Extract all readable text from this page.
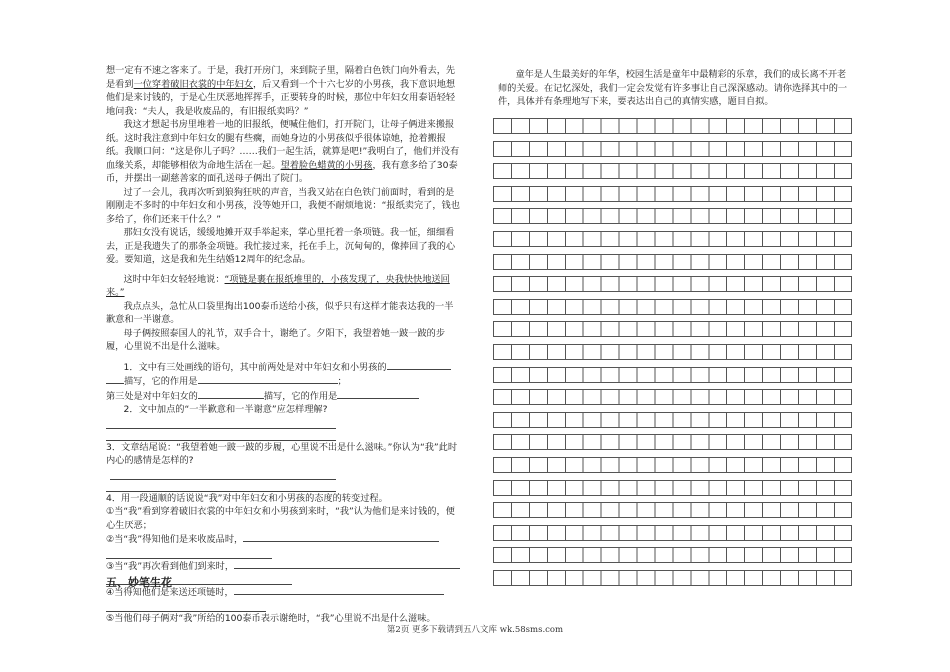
想一定有不速之客来了。于是，我打开房门，来到院子里，隔着白色铁门向外看去，先是看到一位穿着破旧衣裳的中年妇女，后又看到一个十六七岁的小男孩，我下意识地想他们是来讨钱的，于是心生厌恶地挥挥手，正要转身的时候，那位中年妇女用泰语轻轻地问我：“夫人，我是收废品的，有旧报纸卖吗？”

我这才想起书房里堆着一地的旧报纸，便喊住他们，打开院门，让母子俩进来搬报纸。这时我注意到中年妇女的腿有些瘸，而她身边的小男孩似乎很体谅她，抢着搬报纸。我顺口问：“这是你儿子吗？……我们一起生活，就算是吧!”我明白了，他们并没有血缘关系，却能够相依为命地生活在一起。望着脸色蜡黄的小男孩，我有意多给了30泰币，并摆出一副慈善家的面孔送母子俩出了院门。

过了一会儿，我再次听到狼狗狂吠的声音，当我又站在白色铁门前面时，看到的是刚刚走不多时的中年妇女和小男孩，没等她开口，我便不耐烦地说：“报纸卖完了，钱也多给了，你们还来干什么？”

那妇女没有说话，缓缓地摊开双手举起来，掌心里托着一条项链。我一怔，细细看去，正是我遗失了的那条金项链。我忙接过来，托在手上，沉甸甸的，像捧回了我的心爱。要知道，这是我和先生结婚12周年的纪念品。

这时中年妇女轻轻地说：“项链是裹在报纸堆里的，小孩发现了，央我快快地送回来。”

我点点头，急忙从口袋里掏出100泰币送给小孩，似乎只有这样才能表达我的一半歉意和一半谢意。

母子俩按照泰国人的礼节，双手合十，谢绝了。夕阳下，我望着她一跛一跛的步履，心里说不出是什么滋味。

1．文中有三处画线的语句，其中前两处是对中年妇女和小男孩的

描写，它的作用是	；

第三处是对中年妇女的	描写，它的作用是

2．文中加点的“一半歉意和一半谢意”应怎样理解?

3．文章结尾说：“我望着她一跛一跛的步履，心里说不出是什么滋味。”你认为“我”此时内心的感情是怎样的?

4．用一段通顺的话说说“我”对中年妇女和小男孩的态度的转变过程。

①当“我”看到穿着破旧衣裳的中年妇女和小男孩到来时，“我”认为他们是来讨钱的，便心生厌恶；

②当“我”得知他们是来收废品时，

③当“我”再次看到他们到来时，

④当得知他们是来送还项链时，

⑤当他们母子俩对“我”所给的100泰币表示谢绝时，“我”心里说不出是什么滋味。

五、妙笔生花

童年是人生最美好的年华，校园生活是童年中最精彩的乐章，我们的成长离不开老师的关爱。在记忆深处，我们一定会发觉有许多事让自己深深感动。请你选择其中的一件，具体并有条理地写下来，要表达出自己的真情实感，题目自拟。

第2页 更多下载请到五八文库 wk.58sms.com
